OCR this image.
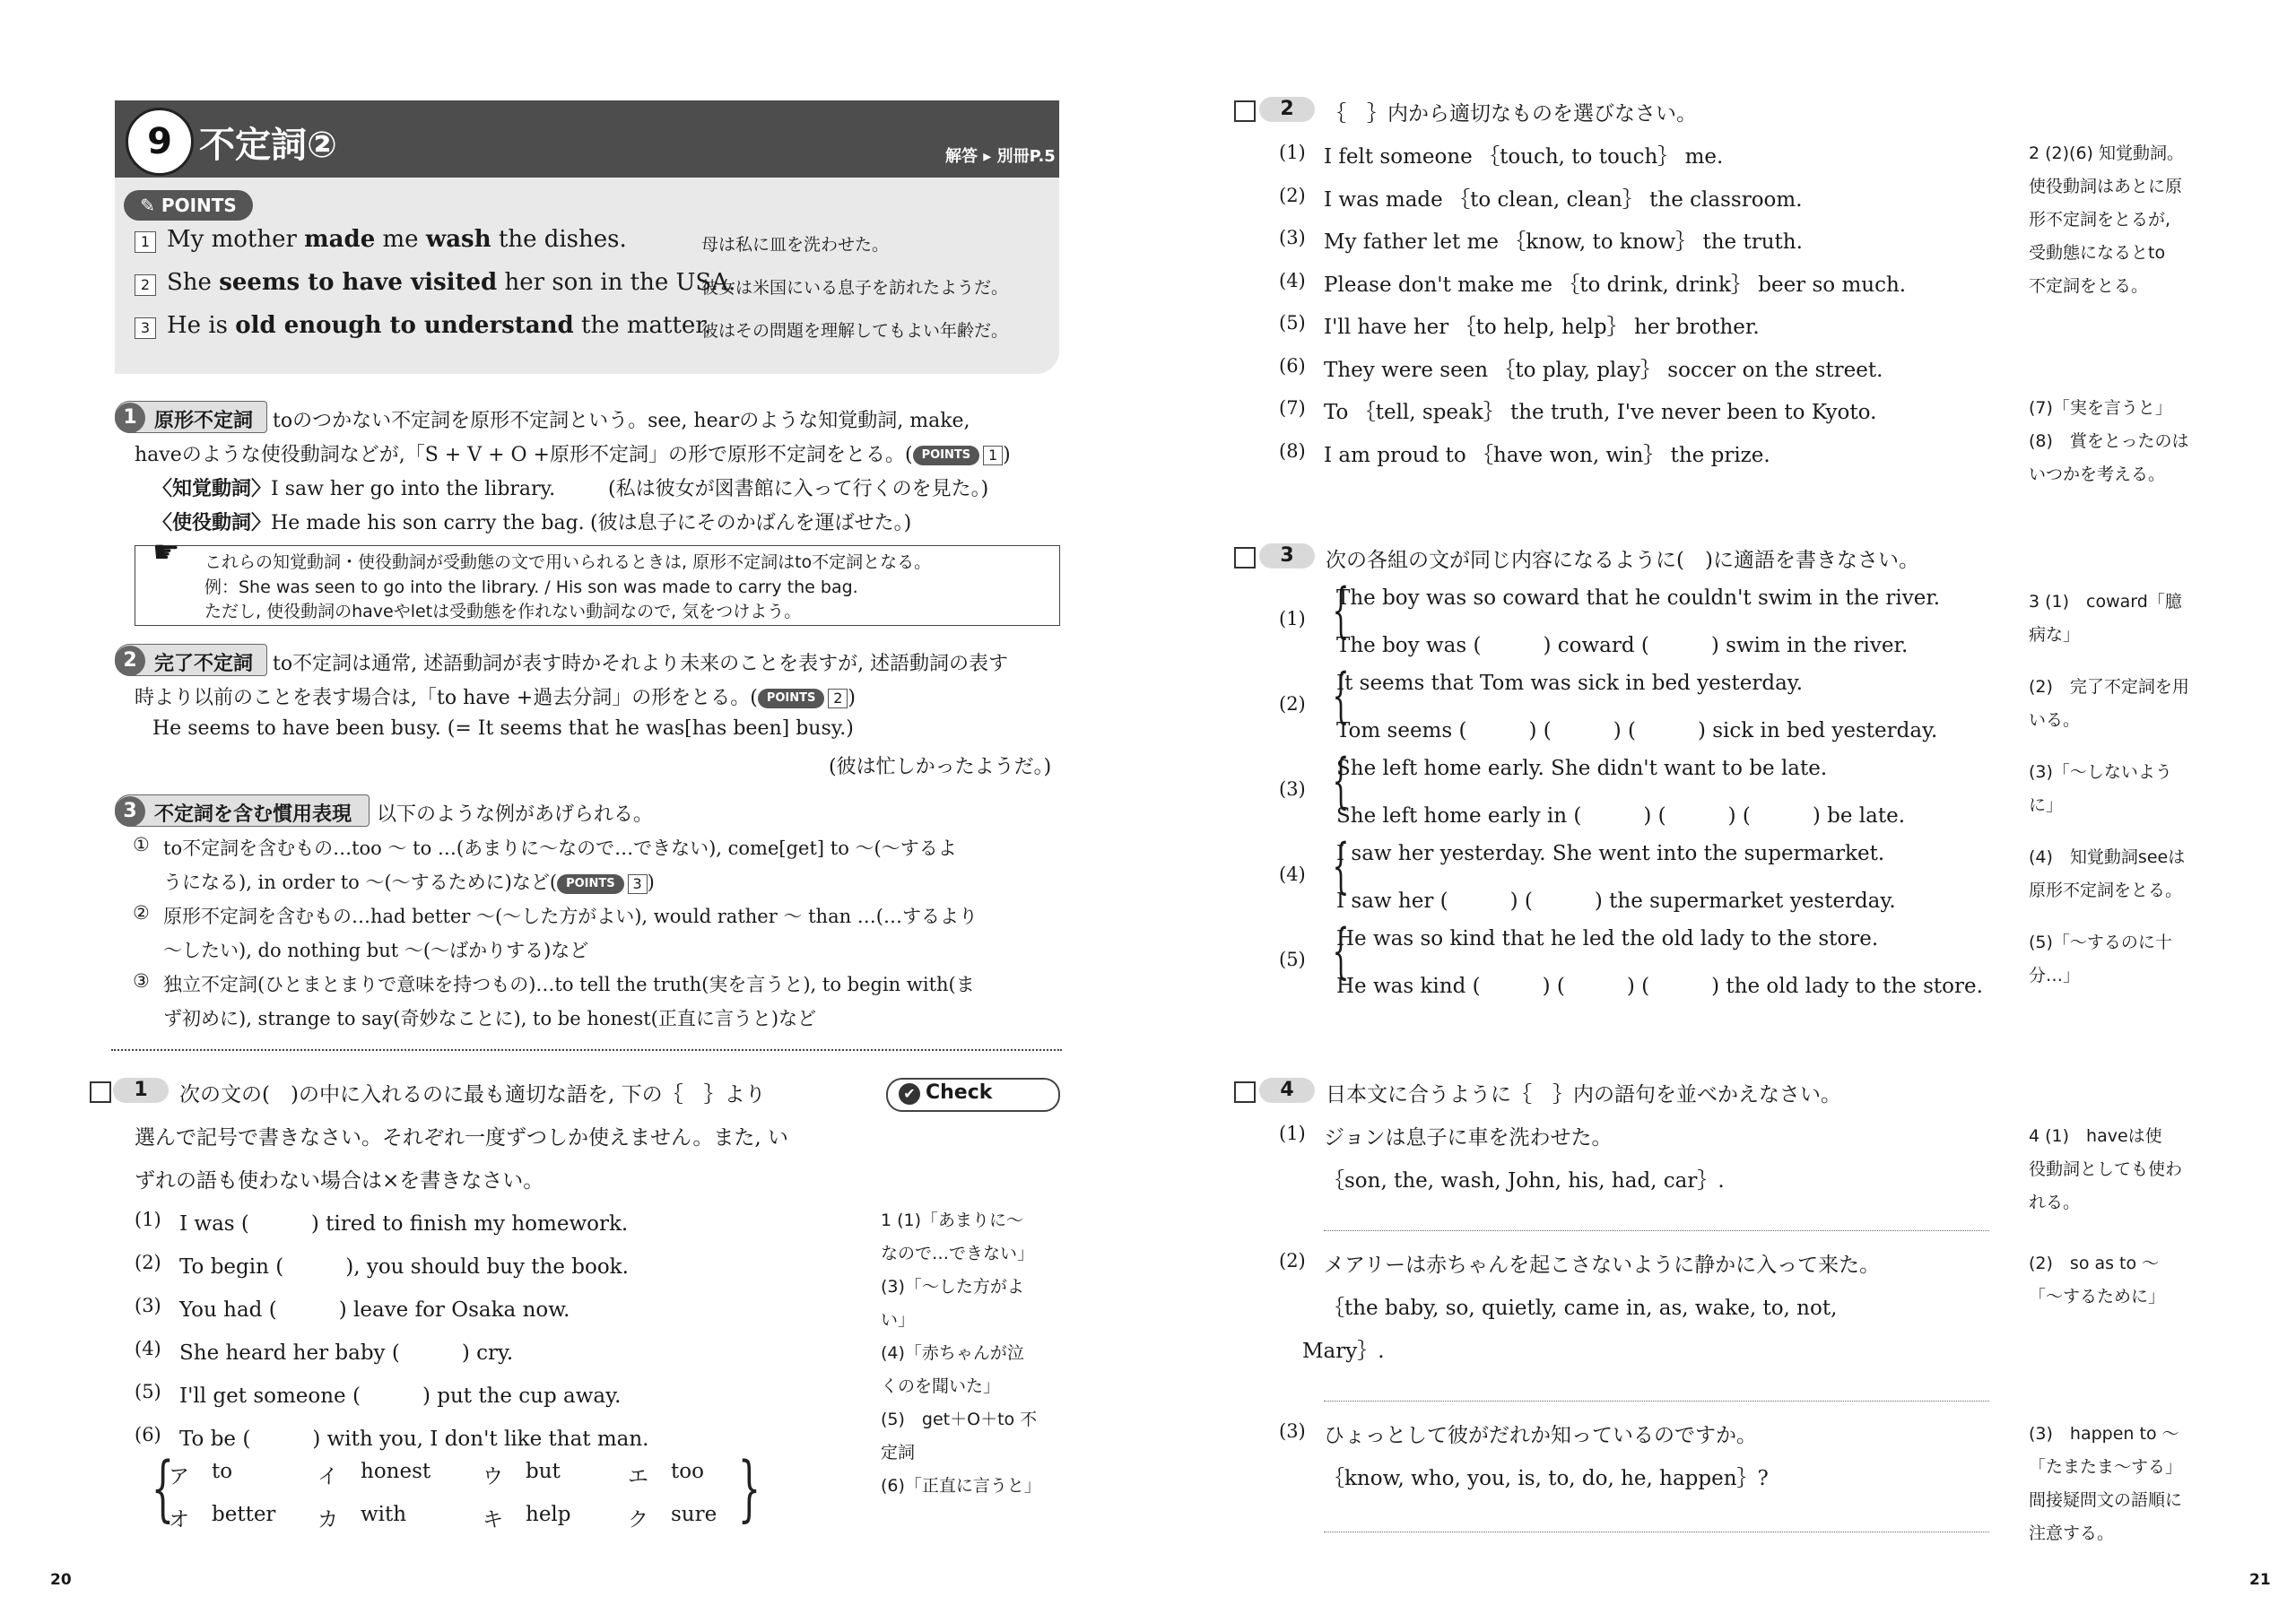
9 不定詞②	解答 ▸ 別冊P.5
✎ POINTS
1 My mother made me wash the dishes.	母は私に皿を洗わせた。
2 She seems to have visited her son in the USA.
彼女は米国にいる息子を訪れたようだ。
3 He is old enough to understand the matter.
彼はその問題を理解してもよい年齢だ。
1 原形不定詞 toのつかない不定詞を原形不定詞という。see, hearのような知覚動詞, make,
haveのような使役動詞などが,「S + V + O +原形不定詞」の形で原形不定詞をとる。( POINTS 1 )
〈知覚動詞〉I saw her go into the library.	(私は彼女が図書館に入って行くのを見た。)
〈使役動詞〉He made his son carry the bag. (彼は息子にそのかばんを運ばせた。)
☛ これらの知覚動詞・使役動詞が受動態の文で用いられるときは, 原形不定詞はto不定詞となる。
例：She was seen to go into the library. / His son was made to carry the bag.
ただし, 使役動詞のhaveやletは受動態を作れない動詞なので, 気をつけよう。
2 完了不定詞 to不定詞は通常, 述語動詞が表す時かそれより未来のことを表すが, 述語動詞の表す
時より以前のことを表す場合は,「to have +過去分詞」の形をとる。( POINTS 2 )
He seems to have been busy. (= It seems that he was[has been] busy.)
(彼は忙しかったようだ。)
3 不定詞を含む慣用表現 以下のような例があげられる。
① to不定詞を含むもの…too ～ to …(あまりに～なので…できない), come[get] to ～(～するよ
うになる), in order to ～(～するために)など( POINTS 3 )
② 原形不定詞を含むもの…had better ～(～した方がよい), would rather ～ than …(…するより
～したい), do nothing but ～(～ばかりする)など
③ 独立不定詞(ひとまとまりで意味を持つもの)…to tell the truth(実を言うと), to begin with(ま
ず初めに), strange to say(奇妙なことに), to be honest(正直に言うと)など
1	次の文の(　)の中に入れるのに最も適切な語を, 下の｛　｝より
選んで記号で書きなさい。それぞれ一度ずつしか使えません。また, い
ずれの語も使わない場合は×を書きなさい。
Check
✔
(1) I was (　　　) tired to finish my homework.
(2) To begin (　　　), you should buy the book.
(3) You had (　　　) leave for Osaka now.
(4) She heard her baby (　　　) cry.
(5) I'll get someone (　　　) put the cup away.
(6) To be (　　　) with you, I don't like that man.
{	}
ア to	イ honest	ウ but	エ too
オ better カ with	キ help	ク sure
1 (1)「あまりに～
なので…できない」
(3)「～した方がよ
い」
(4)「赤ちゃんが泣
くのを聞いた」
(5)　get＋O＋to 不
定詞
(6)「正直に言うと」
20
2	｛　｝内から適切なものを選びなさい。
(1) I felt someone ｛touch, to touch｝ me.
(2) I was made ｛to clean, clean｝ the classroom.
(3) My father let me ｛know, to know｝ the truth.
(4) Please don't make me ｛to drink, drink｝ beer so much.
(5) I'll have her ｛to help, help｝ her brother.
(6) They were seen ｛to play, play｝ soccer on the street.
(7) To ｛tell, speak｝ the truth, I've never been to Kyoto.
(8) I am proud to ｛have won, win｝ the prize.
2 (2)(6) 知覚動詞。
使役動詞はあとに原
形不定詞をとるが,
受動態になるとto
不定詞をとる。
(7)「実を言うと」
(8)　賞をとったのは
いつかを考える。
3	次の各組の文が同じ内容になるように(　)に適語を書きなさい。
(1) {
The boy was so coward that he couldn't swim in the river.
The boy was (　　　) coward (　　　) swim in the river.
(2) {
It seems that Tom was sick in bed yesterday.
Tom seems (　　　) (　　　) (　　　) sick in bed yesterday.
(3) {
She left home early. She didn't want to be late.
She left home early in (　　　) (　　　) (　　　) be late.
(4) {
I saw her yesterday. She went into the supermarket.
I saw her (　　　) (　　　) the supermarket yesterday.
(5) {
He was so kind that he led the old lady to the store.
He was kind (　　　) (　　　) (　　　) the old lady to the store.
3 (1)　coward「臆
病な」
(2)　完了不定詞を用
いる。
(3)「～しないよう
に」
(4)　知覚動詞seeは
原形不定詞をとる。
(5)「～するのに十
分…」
4	日本文に合うように｛　｝内の語句を並べかえなさい。
(1) ジョンは息子に車を洗わせた。
｛son, the, wash, John, his, had, car｝.
(2) メアリーは赤ちゃんを起こさないように静かに入って来た。
｛the baby, so, quietly, came in, as, wake, to, not,
Mary｝.
(3) ひょっとして彼がだれか知っているのですか。
｛know, who, you, is, to, do, he, happen｝?
4 (1)　haveは使
役動詞としても使わ
れる。
(2)　so as to ～
「～するために」
(3)　happen to ～
「たまたま～する」
間接疑問文の語順に
注意する。
21
